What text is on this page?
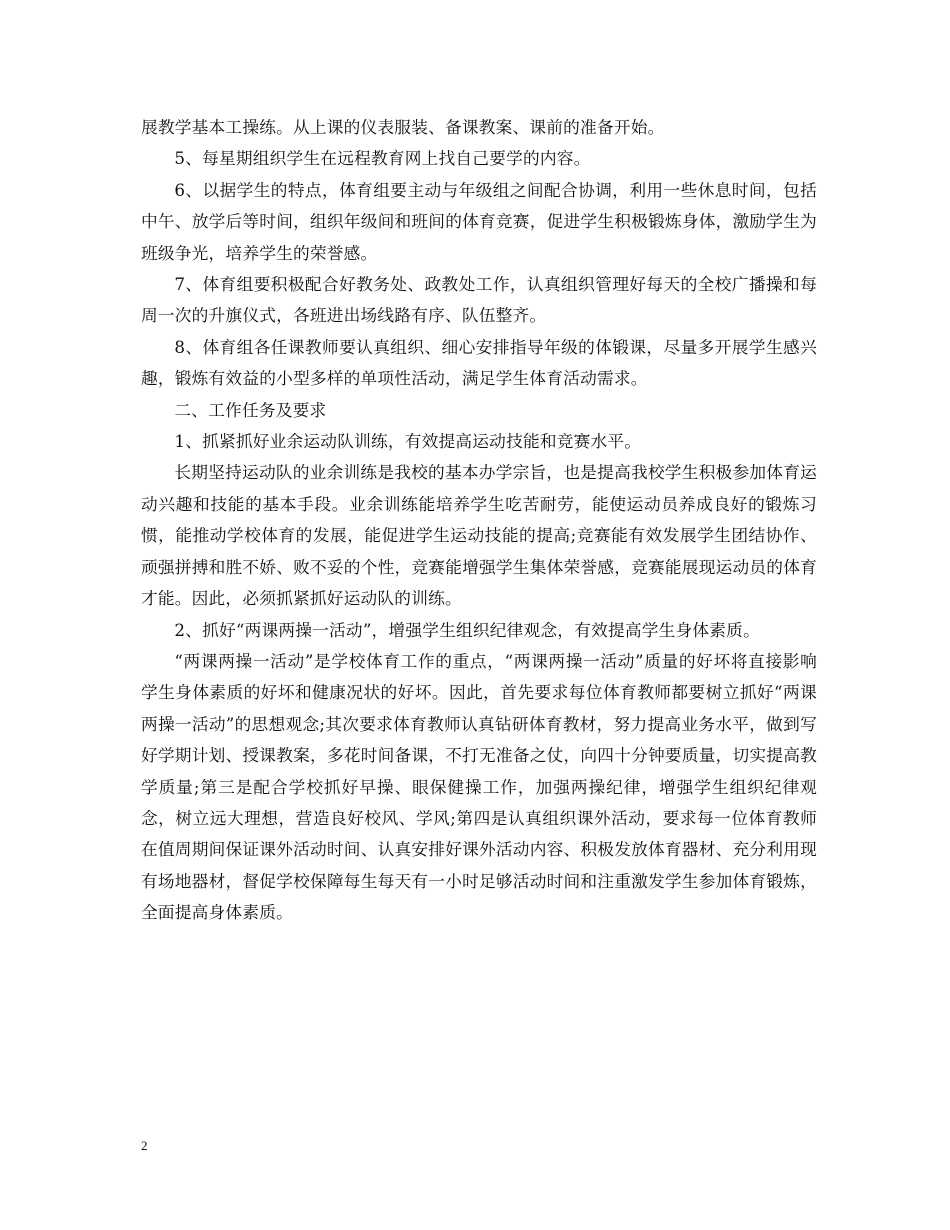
展教学基本工操练。从上课的仪表服装、备课教案、课前的准备开始。

5、每星期组织学生在远程教育网上找自己要学的内容。

6、以据学生的特点，体育组要主动与年级组之间配合协调，利用一些休息时间，包括中午、放学后等时间，组织年级间和班间的体育竞赛，促进学生积极锻炼身体，激励学生为班级争光，培养学生的荣誉感。

7、体育组要积极配合好教务处、政教处工作，认真组织管理好每天的全校广播操和每周一次的升旗仪式，各班进出场线路有序、队伍整齐。

8、体育组各任课教师要认真组织、细心安排指导年级的体锻课，尽量多开展学生感兴趣，锻炼有效益的小型多样的单项性活动，满足学生体育活动需求。

二、工作任务及要求

1、抓紧抓好业余运动队训练，有效提高运动技能和竞赛水平。

长期坚持运动队的业余训练是我校的基本办学宗旨，也是提高我校学生积极参加体育运动兴趣和技能的基本手段。业余训练能培养学生吃苦耐劳，能使运动员养成良好的锻炼习惯，能推动学校体育的发展，能促进学生运动技能的提高;竞赛能有效发展学生团结协作、顽强拼搏和胜不娇、败不妥的个性，竞赛能增强学生集体荣誉感，竞赛能展现运动员的体育才能。因此，必须抓紧抓好运动队的训练。

2、抓好“两课两操一活动”，增强学生组织纪律观念，有效提高学生身体素质。

“两课两操一活动”是学校体育工作的重点，“两课两操一活动”质量的好坏将直接影响学生身体素质的好坏和健康况状的好坏。因此，首先要求每位体育教师都要树立抓好“两课两操一活动”的思想观念;其次要求体育教师认真钻研体育教材，努力提高业务水平，做到写好学期计划、授课教案，多花时间备课，不打无准备之仗，向四十分钟要质量，切实提高教学质量;第三是配合学校抓好早操、眼保健操工作，加强两操纪律，增强学生组织纪律观念，树立远大理想，营造良好校风、学风;第四是认真组织课外活动，要求每一位体育教师在值周期间保证课外活动时间、认真安排好课外活动内容、积极发放体育器材、充分利用现有场地器材，督促学校保障每生每天有一小时足够活动时间和注重激发学生参加体育锻炼，全面提高身体素质。

2
